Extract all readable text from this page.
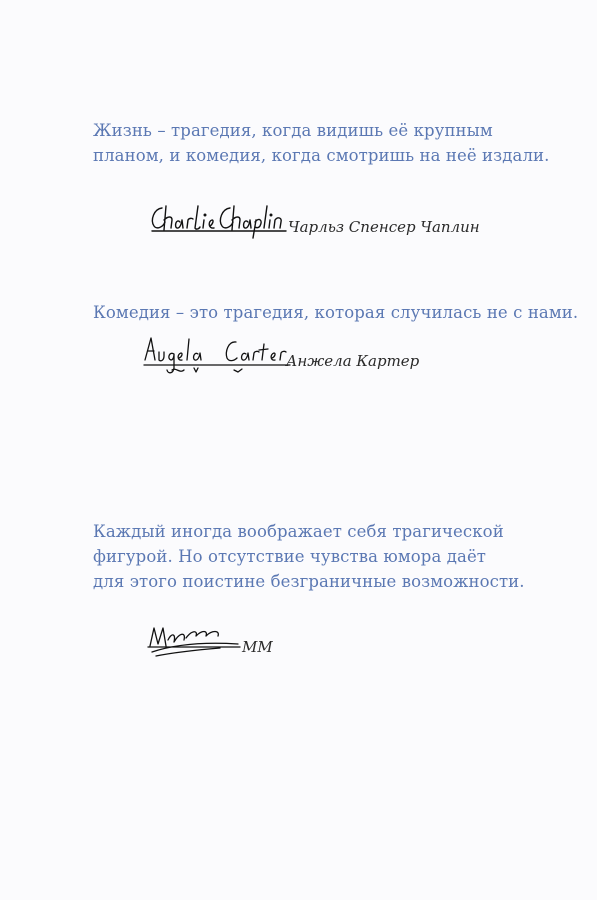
Жизнь – трагедия, когда видишь её крупным
планом, и комедия, когда смотришь на неё издали.
Чарльз Спенсер Чаплин
Комедия – это трагедия, которая случилась не с нами.
Анжела Картер
Каждый иногда воображает себя трагической
фигурой. Но отсутствие чувства юмора даёт
для этого поистине безграничные возможности.
ММ
